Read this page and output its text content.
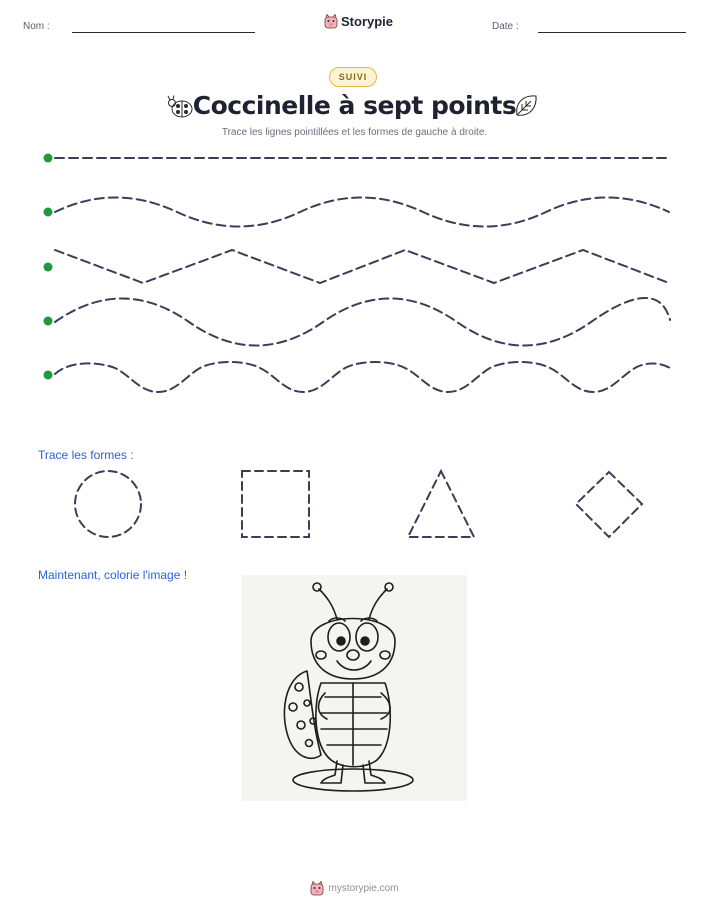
Nom :	Storypie	Date :
SUIVI
Coccinelle à sept points
Trace les lignes pointillées et les formes de gauche à droite.
Trace les formes :
Maintenant, colorie l'image !
mystorypie.com
